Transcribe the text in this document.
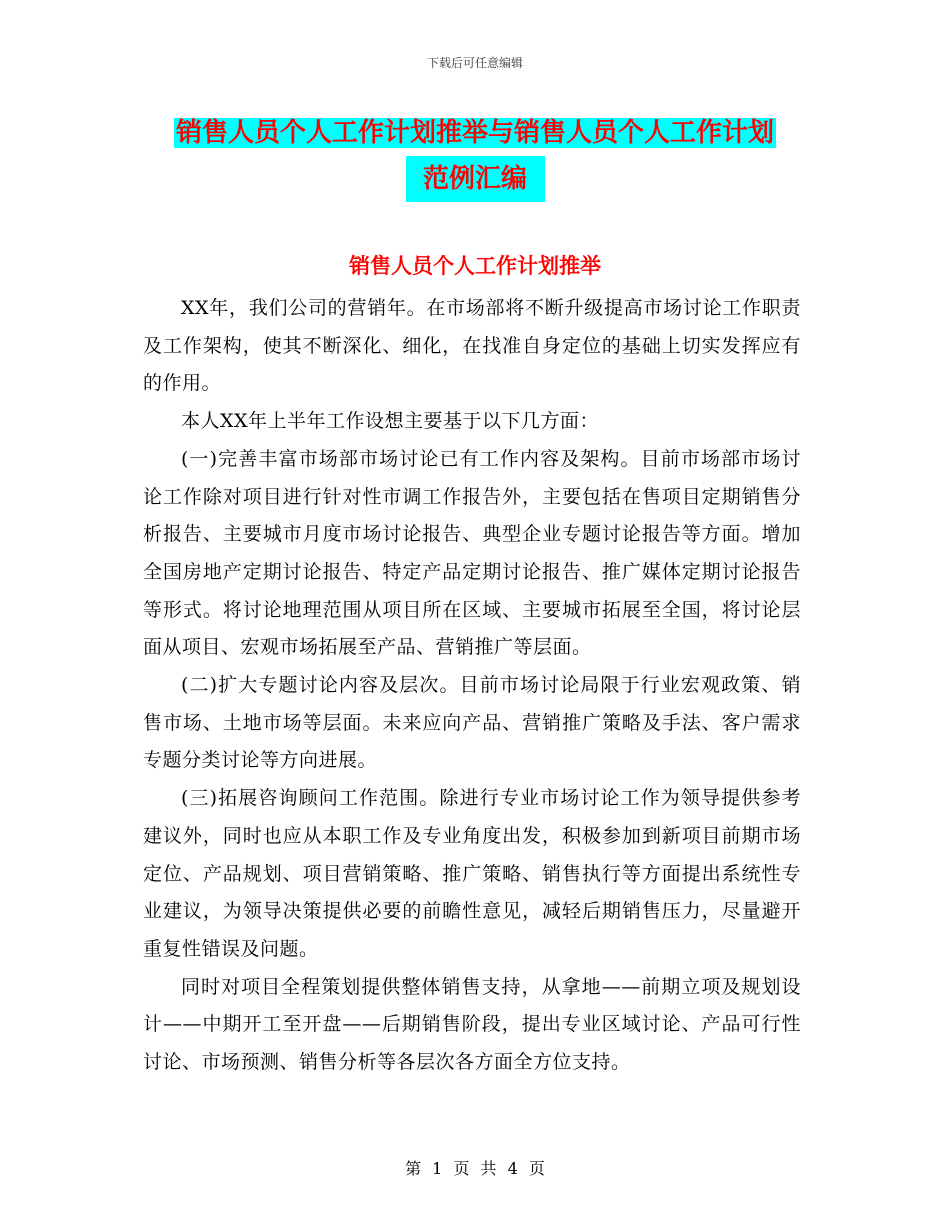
下载后可任意编辑
销售人员个人工作计划推举与销售人员个人工作计划
范例汇编
销售人员个人工作计划推举

XX年，我们公司的营销年。在市场部将不断升级提高市场讨论工作职责及工作架构，使其不断深化、细化，在找准自身定位的基础上切实发挥应有的作用。

本人XX年上半年工作设想主要基于以下几方面：

(一)完善丰富市场部市场讨论已有工作内容及架构。目前市场部市场讨论工作除对项目进行针对性市调工作报告外，主要包括在售项目定期销售分析报告、主要城市月度市场讨论报告、典型企业专题讨论报告等方面。增加全国房地产定期讨论报告、特定产品定期讨论报告、推广媒体定期讨论报告等形式。将讨论地理范围从项目所在区域、主要城市拓展至全国，将讨论层面从项目、宏观市场拓展至产品、营销推广等层面。

(二)扩大专题讨论内容及层次。目前市场讨论局限于行业宏观政策、销售市场、土地市场等层面。未来应向产品、营销推广策略及手法、客户需求专题分类讨论等方向进展。

(三)拓展咨询顾问工作范围。除进行专业市场讨论工作为领导提供参考建议外，同时也应从本职工作及专业角度出发，积极参加到新项目前期市场定位、产品规划、项目营销策略、推广策略、销售执行等方面提出系统性专业建议，为领导决策提供必要的前瞻性意见，减轻后期销售压力，尽量避开重复性错误及问题。

同时对项目全程策划提供整体销售支持，从拿地——前期立项及规划设计——中期开工至开盘——后期销售阶段，提出专业区域讨论、产品可行性讨论、市场预测、销售分析等各层次各方面全方位支持。

第 1 页 共 4 页
